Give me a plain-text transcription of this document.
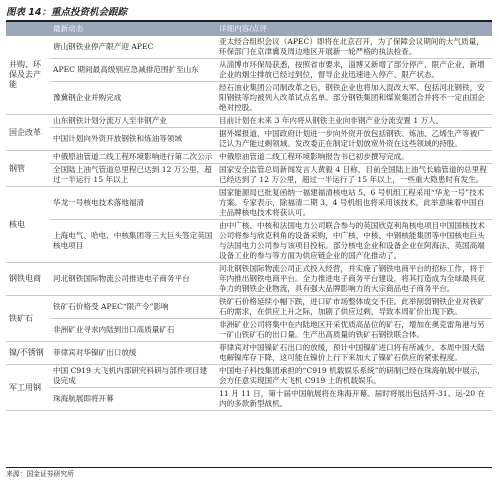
图表 14：重点投资机会跟踪
	最新动态	详细内容/点评
并购、环保及去产能	唐山钢铁业停产限产迎 APEC	亚太经合组织会议（APEC）即将在北京召开，为了保障会议期间的大气质量，环保部门在京津冀及周边地区开展新一轮严格的执法检查。
	APEC 期间最高级别应急减排范围扩至山东	从淄博市环保局获悉，按照省市要求，淄博又新增了部分停产、限产企业，新增企业的烟尘排放已经过到位，督导企业迅速进入停产、限产状态。
	豫冀钢企业并购完成	经石油业集团公司制改革之后，钢铁企业也将加入混改大军。包括河北钢铁，安阳钢铁等均被列入改革试点名单。部分钢铁集团和煤炭集团合并将不一定由国企绝对控股。
国企改革	山东钢铁计划分流万人至非钢产业	目前计划在未来 3 年内将从钢铁主业向非钢产业分流安置 1 万人。
	中国计划向外资开放钢铁和炼油等领域	据外媒报道，中国政府计划进一步向外资开放包括钢铁、炼油、乙烯生产等被广泛认为产能过剩领域。发改委正在制定计划放宽外资在这些领域的持股。
钢管	中俄原油管道二线工程环境影响进行第二次公示	中俄原油管道二线工程环境影响报告书已初步撰写完成。
	全国陆上油气管道总里程已达到 12 万公里，超过一半运行 15 年以上	国家安全监管总局新闻发言人黄毅 4 日称，目前全国陆上油气长输管道的总里程已经达到了 12 万公里，超过一半运行了 15 年以上，一些重大隐患时有发生。
核电	华龙一号核电技术落地福清	国家能源局已批复函纳一福建福清核电站 5、6 号机组工程采用“华龙一号”技术方案。专家表示，除福清二期 3、4 号机组也将采用该技术，此举意味着中国自主品牌核电技术将获认可。
	上海电气、哈电、中核集团等三大巨头签定英国核电项目	由中广核、中核和法国电力公司联合参与的英国欣克利角核电项目中国国核技术公司将参与欣克利角的设备采购，中广核、中核、中钢核能集团等中国核电巨头与法国电力公司参与该项目投标。部分核电企业和设备企业在阿海法、英国高端设备工业的参与等方面为供应链企业的国产化推动了。
钢铁电商	河北钢铁国际物流公司推进电子商务平台	河北钢铁国际物流公司正式投入经营，并实施了钢铁电商平台的招标工作，将于年内推出钢铁电商平台。全力推进电子商务平台建设，将其打造成为全球最具竞争力的钢铁企业物流，具有强大品牌影响力的大宗商品电子商务平台。
铁矿石	铁矿石价格受 APEC“限产令”影响	铁矿石价格延续小幅下跌，进口矿市场整体成交不佳。此举削弱钢铁企业对铁矿石的需求，在供应上升之际，加剧了供应过剩，导致本周矿价出现下跌。
	非洲矿业寻求内陆到出口高质量矿石	非洲矿业公司将集中在内陆地区开采优质高品位的矿石，增加在奥克雷角港与另一矿山铁矿石的出口量。生产出高质量的铁矿石钢铁联合体。
镍/不锈钢	菲律宾对华镍矿出口放缓	菲律宾对中国镍矿石出口的放缓，预计中国镍矿进口将有所减少。本周中国大陆电解镍库存下降，这可能在镍价上行下来加大了镍矿石供应的紧张程度。
军工用钢	中国 C919 大飞机内部研究科研与部件项目建设完成	中国电子科技集团承担的“C919 机载娱乐系统”的研制已经在珠海航展中展示，会方任意实现国产大飞机 C919 上的机载娱乐。
	珠海航展即将开幕	11 月 11 日，第十届中国航展将在珠海开幕。届时将展出包括歼-31、运-20 在内的多款新型战机。
来源：国金证券研究所
